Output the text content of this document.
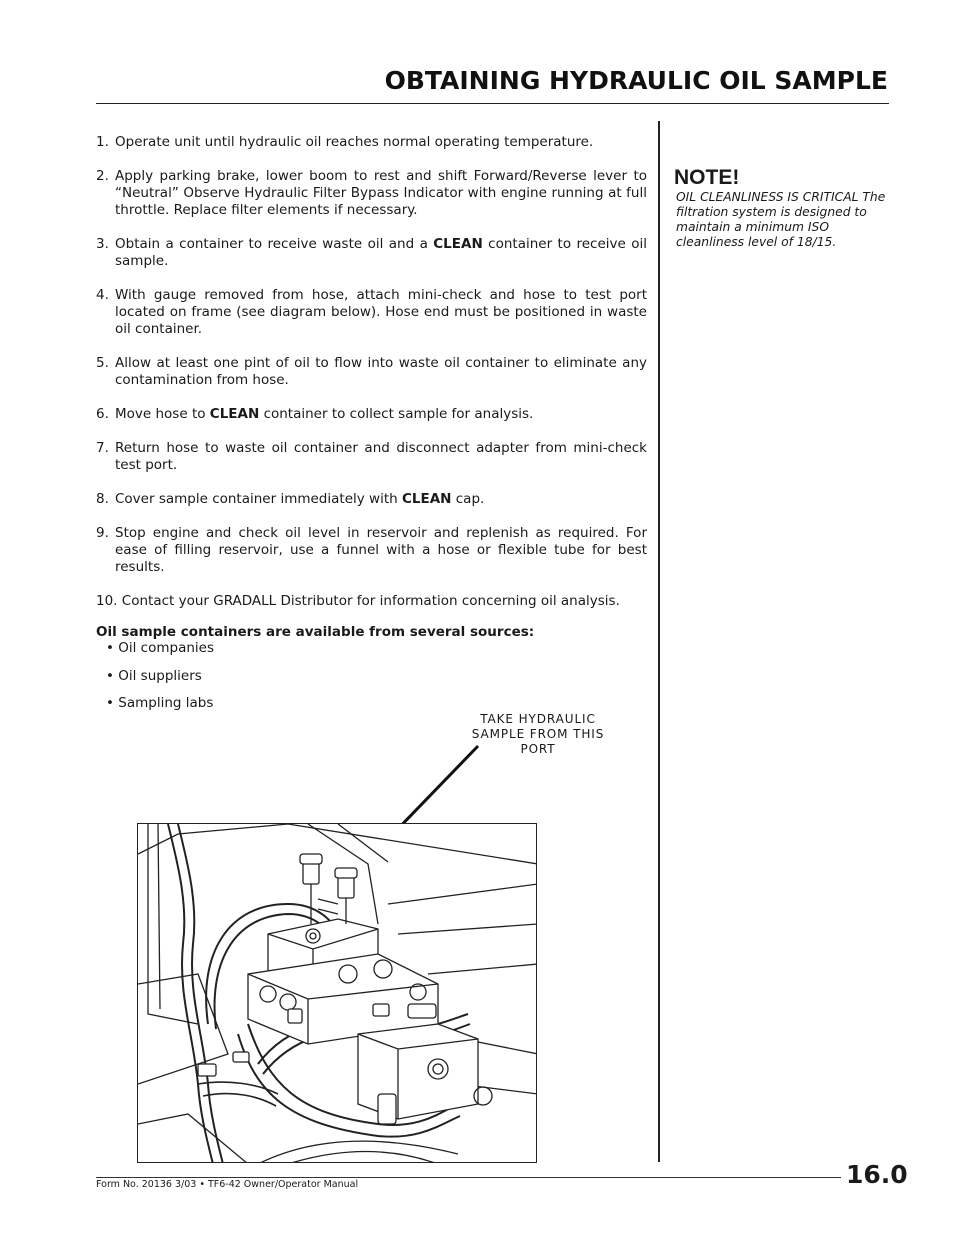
OBTAINING HYDRAULIC OIL SAMPLE
1. Operate unit until hydraulic oil reaches normal operating temperature.
2. Apply parking brake, lower boom to rest and shift Forward/Reverse lever to “Neutral” Observe Hydraulic Filter Bypass Indicator with engine running at full throttle. Replace filter elements if necessary.
3. Obtain a container to receive waste oil and a CLEAN container to receive oil sample.
4. With gauge removed from hose, attach mini-check and hose to test port located on frame (see diagram below). Hose end must be positioned in waste oil container.
5. Allow at least one pint of oil to flow into waste oil container to eliminate any contamination from hose.
6. Move hose to CLEAN container to collect sample for analysis.
7. Return hose to waste oil container and disconnect adapter from mini-check test port.
8. Cover sample container immediately with CLEAN cap.
9. Stop engine and check oil level in reservoir and replenish as required. For ease of filling reservoir, use a funnel with a hose or flexible tube for best results.
10. Contact your GRADALL Distributor for information concerning oil analysis.

Oil sample containers are available from several sources:

• Oil companies
• Oil suppliers
• Sampling labs
NOTE!

OIL CLEANLINESS IS CRITICAL The filtration system is designed to maintain a minimum ISO cleanliness level of 18/15.

TAKE HYDRAULIC SAMPLE FROM THIS PORT

Form No. 20136 3/03 • TF6-42 Owner/Operator Manual	16.0
